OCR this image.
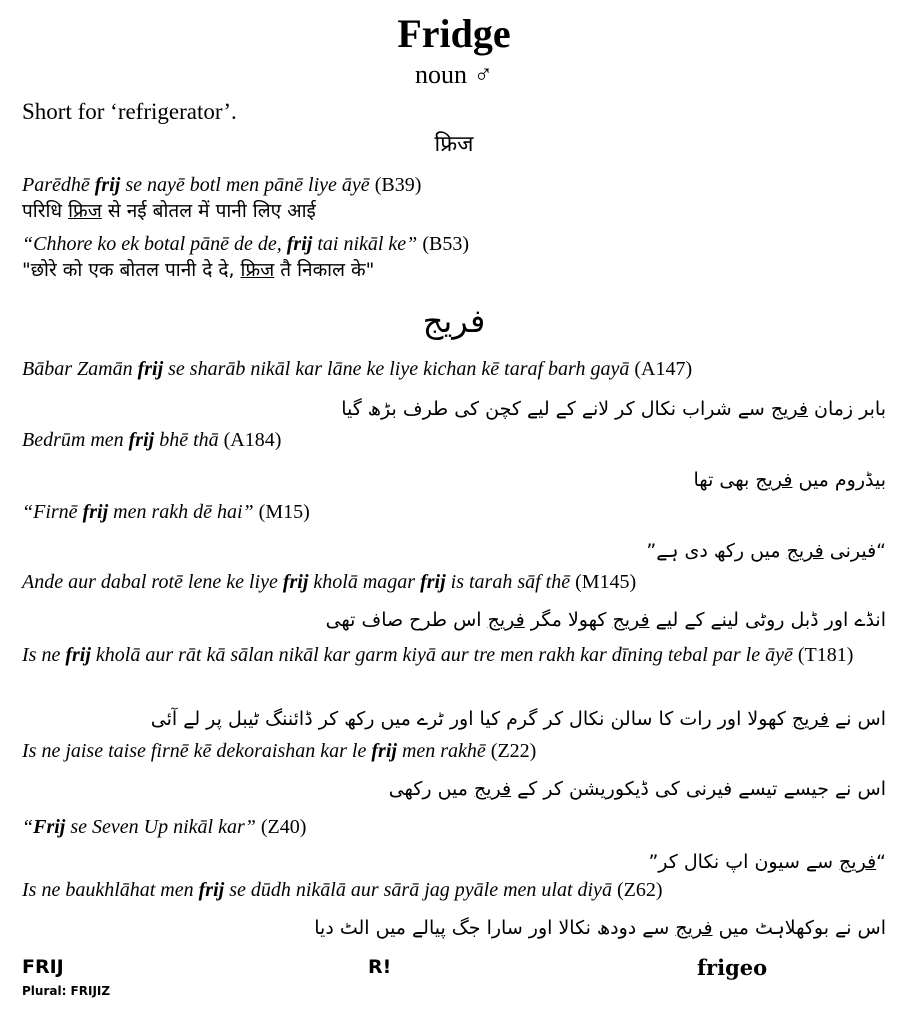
Fridge
noun ♂
Short for ‘refrigerator’.
फ्रिज
Parēdhē frij se nayē botl men pānē liye āyē (B39)
परिधि फ्रिज से नई बोतल में पानी लिए आई
“Chhore ko ek botal pānē de de, frij tai nikāl ke” (B53)
"छोरे को एक बोतल पानी दे दे, फ्रिज तै निकाल के"
فریج
Bābar Zamān frij se sharāb nikāl kar lāne ke liye kichan kē taraf barh gayā (A147)
بابر زمان فریج سے شراب نکال کر لانے کے لیے کچن کی طرف بڑھ گیا
Bedrūm men frij bhē thā (A184)
بیڈروم میں فریج بھی تھا
“Firnē frij men rakh dē hai” (M15)
“فیرنی فریج میں رکھ دی ہے”
Ande aur dabal rotē lene ke liye frij kholā magar frij is tarah sāf thē (M145)
انڈے اور ڈبل روٹی لینے کے لیے فریج کھولا مگر فریج اس طرح صاف تھی
Is ne frij kholā aur rāt kā sālan nikāl kar garm kiyā aur tre men rakh kar dīning tebal par le āyē (T181)
اس نے فریج کھولا اور رات کا سالن نکال کر گرم کیا اور ٹرے میں رکھ کر ڈائننگ ٹیبل پر لے آئی
Is ne jaise taise firnē kē dekoraishan kar le frij men rakhē (Z22)
اس نے جیسے تیسے فیرنی کی ڈیکوریشن کر کے فریج میں رکھی
“Frij se Seven Up nikāl kar” (Z40)
“فریج سے سیون اپ نکال کر”
Is ne baukhlāhat men frij se dūdh nikālā aur sārā jag pyāle men ulat diyā (Z62)
اس نے بوکھلاہٹ میں فریج سے دودھ نکالا اور سارا جگ پیالے میں الٹ دیا
FRIJ
Plural: FRIJIZ
R!	frigeo
